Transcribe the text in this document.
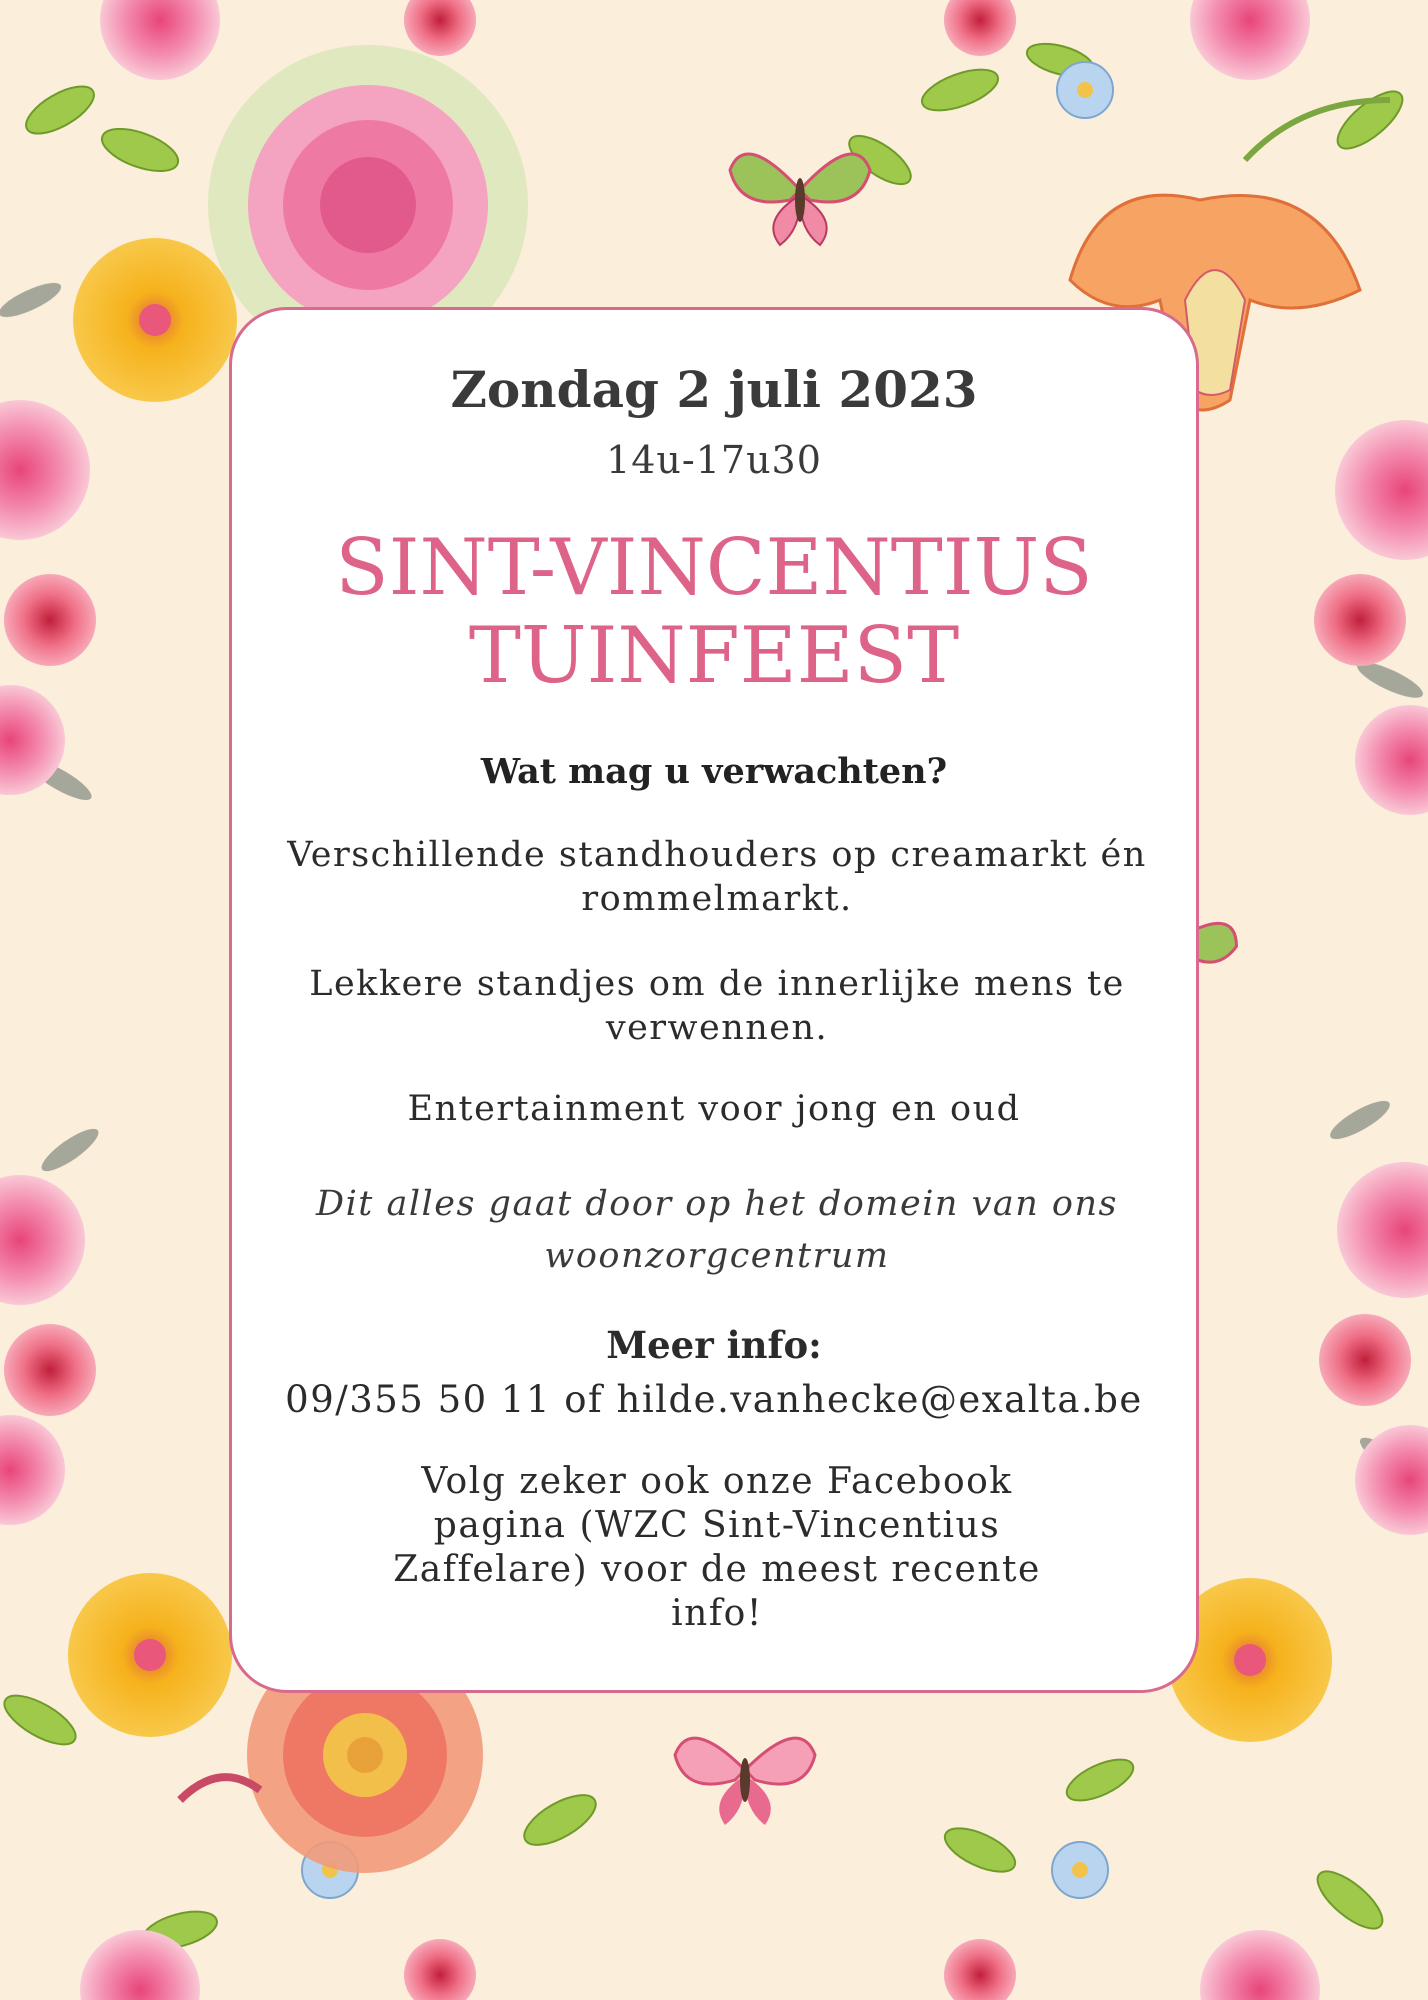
Zondag 2 juli 2023
14u-17u30
SINT-VINCENTIUS
TUINFEEST
Wat mag u verwachten?
Verschillende standhouders op creamarkt én rommelmarkt.
Lekkere standjes om de innerlijke mens te verwennen.
Entertainment voor jong en oud
Dit alles gaat door op het domein van ons woonzorgcentrum
Meer info:
09/355 50 11 of hilde.vanhecke@exalta.be
Volg zeker ook onze Facebook pagina (WZC Sint-Vincentius Zaffelare) voor de meest recente info!
